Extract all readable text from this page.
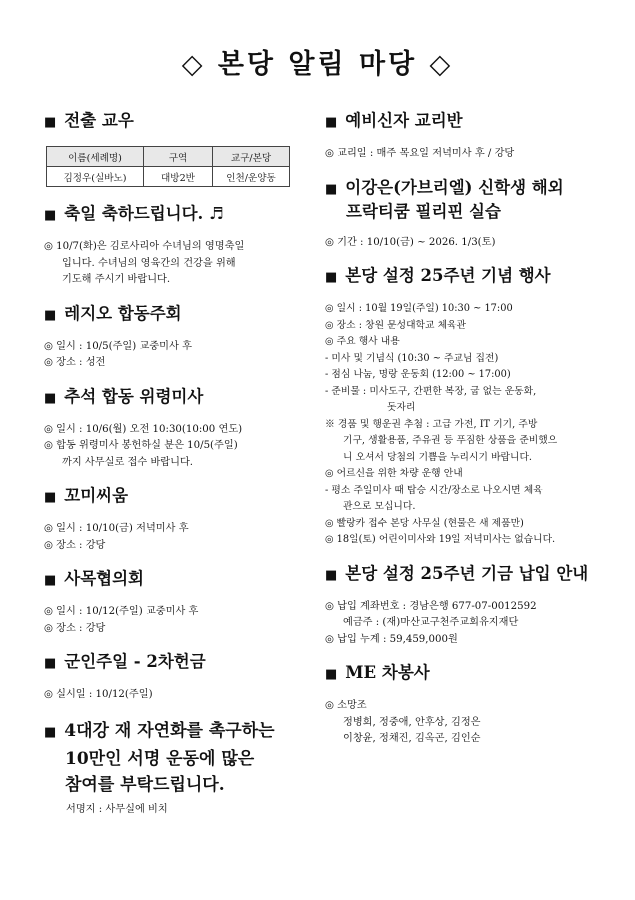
◇ 본당 알림 마당 ◇
■ 전출 교우
이름(세례명)	구역	교구/본당
김정우(실바노)	대방2반	인천/운양동
■ 축일 축하드립니다. ♬
◎ 10/7(화)은 김로사리아 수녀님의 영명축일
입니다. 수녀님의 영육간의 건강을 위해
기도해 주시기 바랍니다.
■ 레지오 합동주회
◎ 일시 : 10/5(주일) 교중미사 후
◎ 장소 : 성전
■ 추석 합동 위령미사
◎ 일시 : 10/6(월) 오전 10:30(10:00 연도)
◎ 합동 위령미사 봉헌하실 분은 10/5(주일)
까지 사무실로 접수 바랍니다.
■ 꼬미씨움
◎ 일시 : 10/10(금) 저녁미사 후
◎ 장소 : 강당
■ 사목협의회
◎ 일시 : 10/12(주일) 교중미사 후
◎ 장소 : 강당
■ 군인주일 - 2차헌금
◎ 실시일 : 10/12(주일)
■ 4대강 재 자연화를 촉구하는
10만인 서명 운동에 많은
참여를 부탁드립니다.
서명지 : 사무실에 비치
■ 예비신자 교리반
◎ 교리일 : 매주 목요일 저녁미사 후 / 강당
■ 이강은(가브리엘) 신학생 해외
프락티쿰 필리핀 실습
◎ 기간 : 10/10(금) ~ 2026. 1/3(토)
■ 본당 설정 25주년 기념 행사
◎ 일시 : 10월 19일(주일) 10:30 ~ 17:00
◎ 장소 : 창원 문성대학교 체육관
◎ 주요 행사 내용
- 미사 및 기념식 (10:30 ~ 주교님 집전)
- 점심 나눔, 명랑 운동회 (12:00 ~ 17:00)
- 준비물 : 미사도구, 간편한 복장, 굽 없는 운동화,
돗자리
※ 경품 및 행운권 추첨 : 고급 가전, IT 기기, 주방
기구, 생활용품, 주유권 등 푸짐한 상품을 준비했으
니 오셔서 당첨의 기쁨을 누리시기 바랍니다.
◎ 어르신을 위한 차량 운행 안내
- 평소 주일미사 때 탑승 시간/장소로 나오시면 체육
관으로 모십니다.
◎ 빨랑카 접수 본당 사무실 (현물은 새 제품만)
◎ 18일(토) 어린이미사와 19일 저녁미사는 없습니다.
■ 본당 설정 25주년 기금 납입 안내
◎ 납입 계좌번호 : 경남은행 677-07-0012592
예금주 : (재)마산교구천주교회유지재단
◎ 납입 누계 : 59,459,000원
■ ME 차봉사
◎ 소망조
정병희, 정중애, 안후상, 김정은
이창윤, 정채진, 김옥곤, 김인순
